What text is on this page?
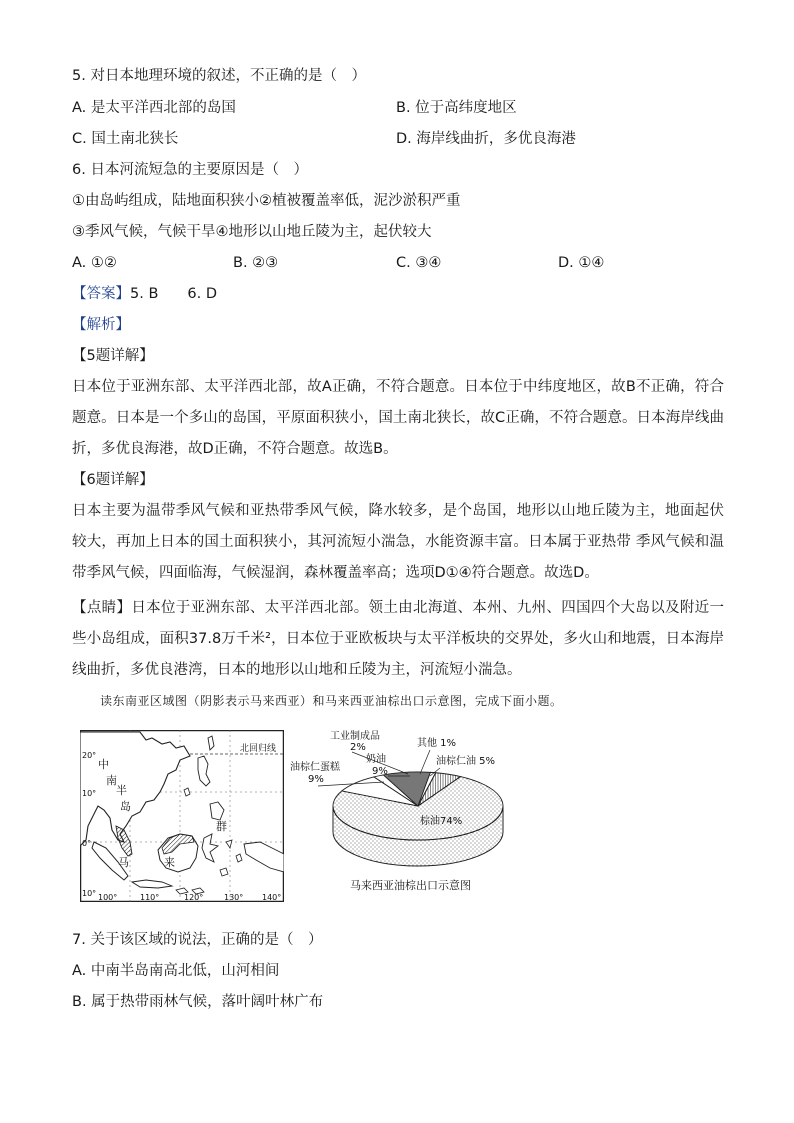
5. 对日本地理环境的叙述，不正确的是（　）
A. 是太平洋西北部的岛国	B. 位于高纬度地区
C. 国土南北狭长	D. 海岸线曲折，多优良海港
6. 日本河流短急的主要原因是（　）
①由岛屿组成，陆地面积狭小②植被覆盖率低，泥沙淤积严重
③季风气候，气候干旱④地形以山地丘陵为主，起伏较大
A. ①②	B. ②③	C. ③④	D. ①④
【答案】5. B　　6. D
【解析】
【5题详解】
日本位于亚洲东部、太平洋西北部，故A正确，不符合题意。日本位于中纬度地区，故B不正确，符合题意。日本是一个多山的岛国，平原面积狭小，国土南北狭长，故C正确，不符合题意。日本海岸线曲折，多优良海港，故D正确，不符合题意。故选B。
【6题详解】
日本主要为温带季风气候和亚热带季风气候，降水较多，是个岛国，地形以山地丘陵为主，地面起伏较大，再加上日本的国土面积狭小，其河流短小湍急，水能资源丰富。日本属于亚热带 季风气候和温带季风气候，四面临海，气候湿润，森林覆盖率高；选项D①④符合题意。故选D。
【点睛】日本位于亚洲东部、太平洋西北部。领土由北海道、本州、九州、四国四个大岛以及附近一些小岛组成，面积37.8万千米²，日本位于亚欧板块与太平洋板块的交界处，多火山和地震，日本海岸线曲折，多优良港湾，日本的地形以山地和丘陵为主，河流短小湍急。
读东南亚区域图（阴影表示马来西亚）和马来西亚油棕出口示意图，完成下面小题。
北回归线
中
南
半
岛
马	来
群
20°
10°
0°
10° 100°	110°	120°	130° 140°
工业制成品
2%	其他 1%
油棕仁蛋糕
9%
奶油
9%
油棕仁油 5%
棕油74%
马来西亚油棕出口示意图
7. 关于该区域的说法，正确的是（　）
A. 中南半岛南高北低，山河相间
B. 属于热带雨林气候，落叶阔叶林广布
